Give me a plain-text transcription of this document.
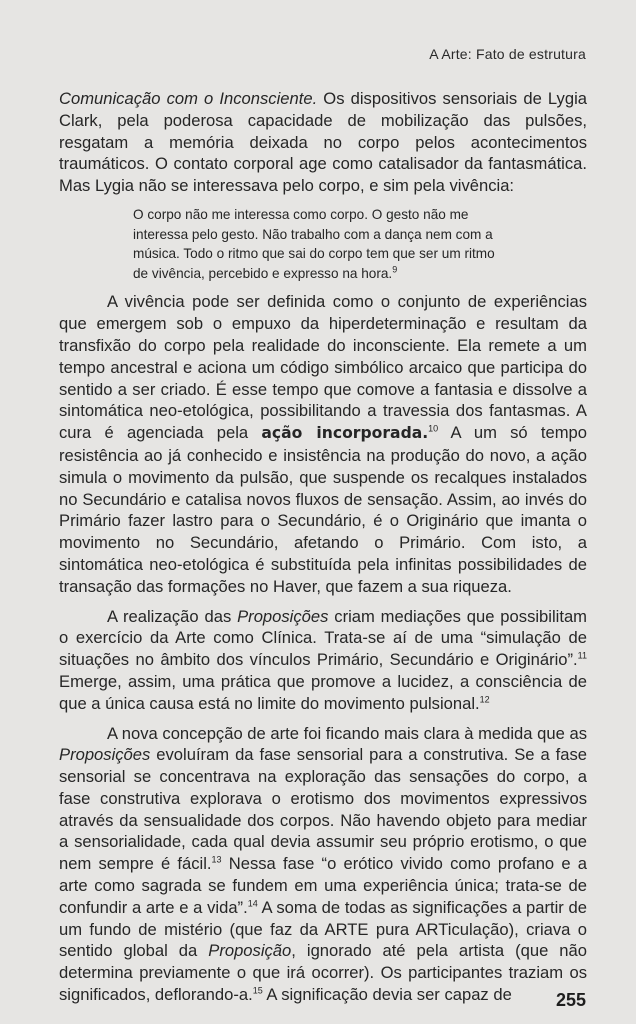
A Arte: Fato de estrutura

Comunicação com o Inconsciente. Os dispositivos sensoriais de Lygia Clark, pela poderosa capacidade de mobilização das pulsões, resgatam a memória deixada no corpo pelos acontecimentos traumáticos. O contato corporal age como catalisador da fantasmática. Mas Lygia não se interessava pelo corpo, e sim pela vivência:

O corpo não me interessa como corpo. O gesto não me interessa pelo gesto. Não trabalho com a dança nem com a música. Todo o ritmo que sai do corpo tem que ser um ritmo de vivência, percebido e expresso na hora.$^9$

A vivência pode ser definida como o conjunto de experiências que emergem sob o empuxo da hiperdeterminação e resultam da transfixão do corpo pela realidade do inconsciente. Ela remete a um tempo ancestral e aciona um código simbólico arcaico que participa do sentido a ser criado. É esse tempo que comove a fantasia e dissolve a sintomática neo-etológica, possibilitando a travessia dos fantasmas. A cura é agenciada pela ação incorporada.$^{10}$ A um só tempo resistência ao já conhecido e insistência na produção do novo, a ação simula o movimento da pulsão, que suspende os recalques instalados no Secundário e catalisa novos fluxos de sensação. Assim, ao invés do Primário fazer lastro para o Secundário, é o Originário que imanta o movimento no Secundário, afetando o Primário. Com isto, a sintomática neo-etológica é substituída pela infinitas possibilidades de transação das formações no Haver, que fazem a sua riqueza.

A realização das Proposições criam mediações que possibilitam o exercício da Arte como Clínica. Trata-se aí de uma “simulação de situações no âmbito dos vínculos Primário, Secundário e Originário”.$^{11}$ Emerge, assim, uma prática que promove a lucidez, a consciência de que a única causa está no limite do movimento pulsional.$^{12}$

A nova concepção de arte foi ficando mais clara à medida que as Proposições evoluíram da fase sensorial para a construtiva. Se a fase sensorial se concentrava na exploração das sensações do corpo, a fase construtiva explorava o erotismo dos movimentos expressivos através da sensualidade dos corpos. Não havendo objeto para mediar a sensorialidade, cada qual devia assumir seu próprio erotismo, o que nem sempre é fácil.$^{13}$ Nessa fase “o erótico vivido como profano e a arte como sagrada se fundem em uma experiência única; trata-se de confundir a arte e a vida”.$^{14}$ A soma de todas as significações a partir de um fundo de mistério (que faz da ARTE pura ARTiculação), criava o sentido global da Proposição, ignorado até pela artista (que não determina previamente o que irá ocorrer). Os participantes traziam os significados, deflorando-a.$^{15}$ A significação devia ser capaz de	255
